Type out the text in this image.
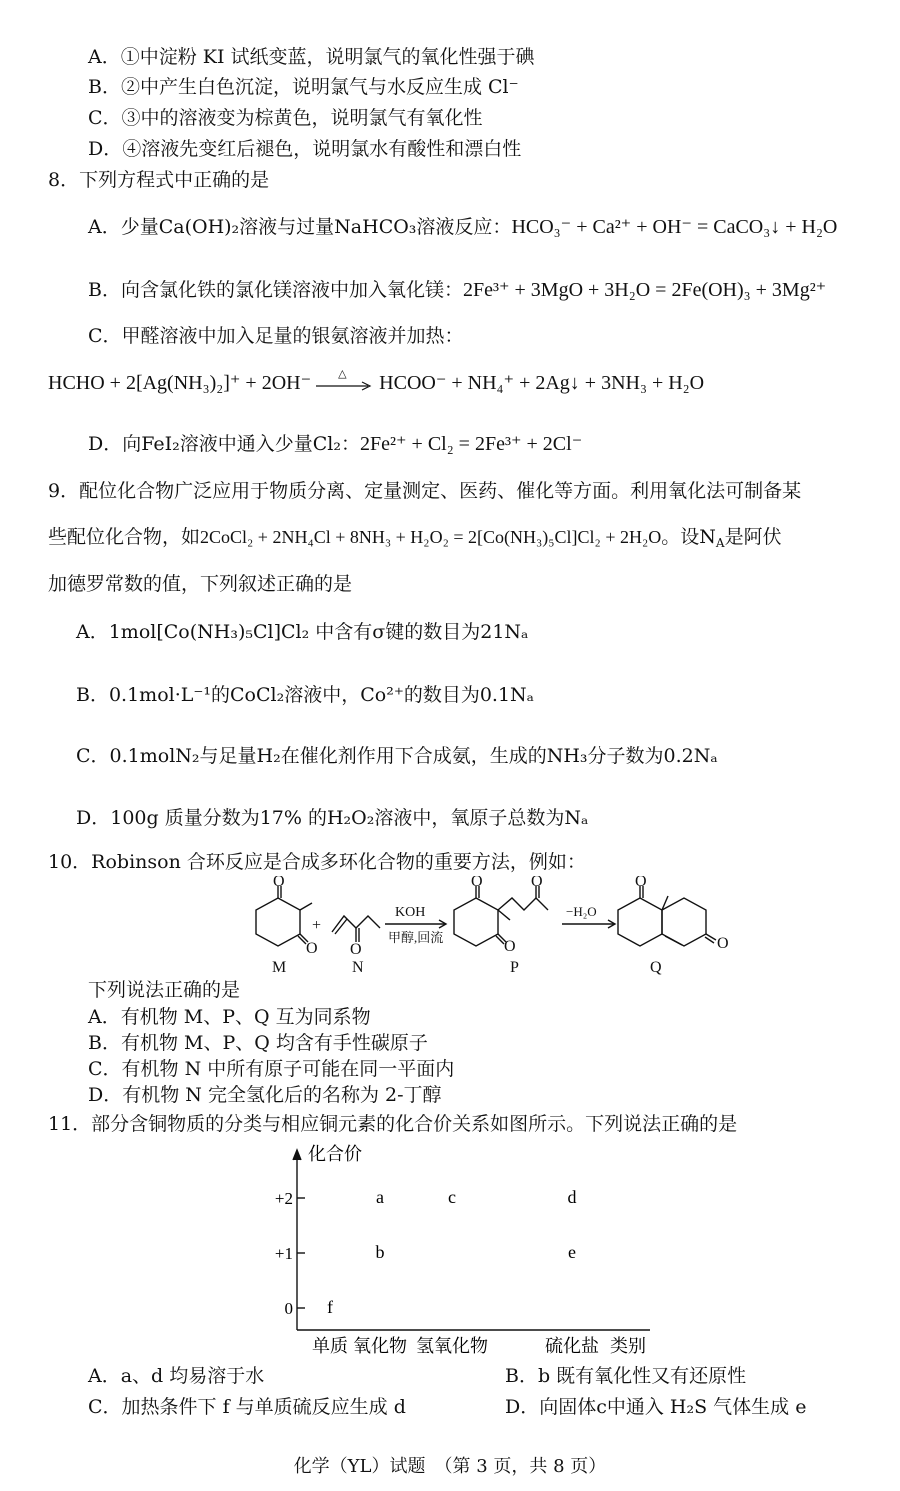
A．①中淀粉 KI 试纸变蓝，说明氯气的氧化性强于碘
B．②中产生白色沉淀，说明氯气与水反应生成 Cl⁻
C．③中的溶液变为棕黄色，说明氯气有氧化性
D．④溶液先变红后褪色，说明氯水有酸性和漂白性
8．下列方程式中正确的是
A．少量Ca(OH)₂溶液与过量NaHCO₃溶液反应：HCO₃⁻ + Ca²⁺ + OH⁻ = CaCO₃↓ + H₂O
B．向含氯化铁的氯化镁溶液中加入氧化镁：2Fe³⁺ + 3MgO + 3H₂O = 2Fe(OH)₃ + 3Mg²⁺
C．甲醛溶液中加入足量的银氨溶液并加热：
HCHO + 2[Ag(NH₃)₂]⁺ + 2OH⁻ △ HCOO⁻ + NH₄⁺ + 2Ag↓ + 3NH₃ + H₂O
D．向FeI₂溶液中通入少量Cl₂：2Fe²⁺ + Cl₂ = 2Fe³⁺ + 2Cl⁻
9．配位化合物广泛应用于物质分离、定量测定、医药、催化等方面。利用氧化法可制备某
些配位化合物，如2CoCl₂ + 2NH₄Cl + 8NH₃ + H₂O₂ = 2[Co(NH₃)₅Cl]Cl₂ + 2H₂O。设$N_A$是阿伏
加德罗常数的值，下列叙述正确的是
A．1mol[Co(NH₃)₅Cl]Cl₂ 中含有σ键的数目为21Nₐ
B．0.1mol·L⁻¹的CoCl₂溶液中，Co²⁺的数目为0.1Nₐ
C．0.1molN₂与足量H₂在催化剂作用下合成氨，生成的NH₃分子数为0.2Nₐ
D．100g 质量分数为17% 的H₂O₂溶液中，氧原子总数为Nₐ
10．Robinson 合环反应是合成多环化合物的重要方法，例如：
O
O
M
+
O
N
KOH
甲醇,回流
O	O
O
P
−H₂O
O
O
Q
下列说法正确的是
A．有机物 M、P、Q 互为同系物
B．有机物 M、P、Q 均含有手性碳原子
C．有机物 N 中所有原子可能在同一平面内
D．有机物 N 完全氢化后的名称为 2-丁醇
11．部分含铜物质的分类与相应铜元素的化合价关系如图所示。下列说法正确的是
化合价
类别
0
+1
+2
单质 氧化物 氢氧化物	硫化盐
f
b
a	c
e
d
A．a、d 均易溶于水	B．b 既有氧化性又有还原性
C．加热条件下 f 与单质硫反应生成 d	D．向固体c中通入 H₂S 气体生成 e
化学（YL）试题　（第 3 页，共 8 页）
